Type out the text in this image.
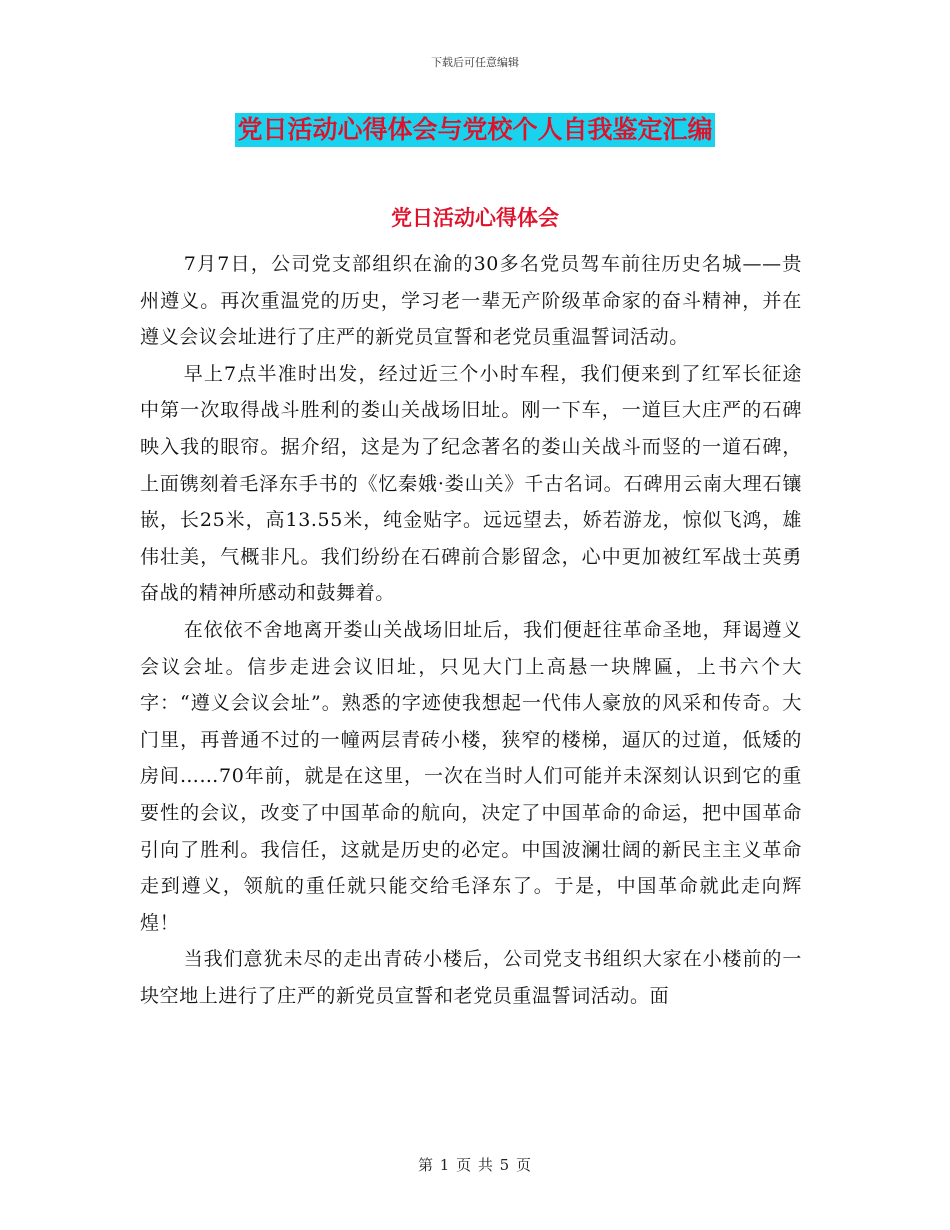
下载后可任意编辑
党日活动心得体会与党校个人自我鉴定汇编
党日活动心得体会

7月7日，公司党支部组织在渝的30多名党员驾车前往历史名城——贵州遵义。再次重温党的历史，学习老一辈无产阶级革命家的奋斗精神，并在遵义会议会址进行了庄严的新党员宣誓和老党员重温誓词活动。

早上7点半准时出发，经过近三个小时车程，我们便来到了红军长征途中第一次取得战斗胜利的娄山关战场旧址。刚一下车，一道巨大庄严的石碑映入我的眼帘。据介绍，这是为了纪念著名的娄山关战斗而竖的一道石碑，上面镌刻着毛泽东手书的《忆秦娥·娄山关》千古名词。石碑用云南大理石镶嵌，长25米，高13.55米，纯金贴字。远远望去，娇若游龙，惊似飞鸿，雄伟壮美，气概非凡。我们纷纷在石碑前合影留念，心中更加被红军战士英勇奋战的精神所感动和鼓舞着。

在依依不舍地离开娄山关战场旧址后，我们便赶往革命圣地，拜谒遵义会议会址。信步走进会议旧址，只见大门上高悬一块牌匾，上书六个大字：“遵义会议会址”。熟悉的字迹使我想起一代伟人豪放的风采和传奇。大门里，再普通不过的一幢两层青砖小楼，狭窄的楼梯，逼仄的过道，低矮的房间……70年前，就是在这里，一次在当时人们可能并未深刻认识到它的重要性的会议，改变了中国革命的航向，决定了中国革命的命运，把中国革命引向了胜利。我信任，这就是历史的必定。中国波澜壮阔的新民主主义革命走到遵义，领航的重任就只能交给毛泽东了。于是，中国革命就此走向辉煌！

当我们意犹未尽的走出青砖小楼后，公司党支书组织大家在小楼前的一块空地上进行了庄严的新党员宣誓和老党员重温誓词活动。面

第 1 页 共 5 页
